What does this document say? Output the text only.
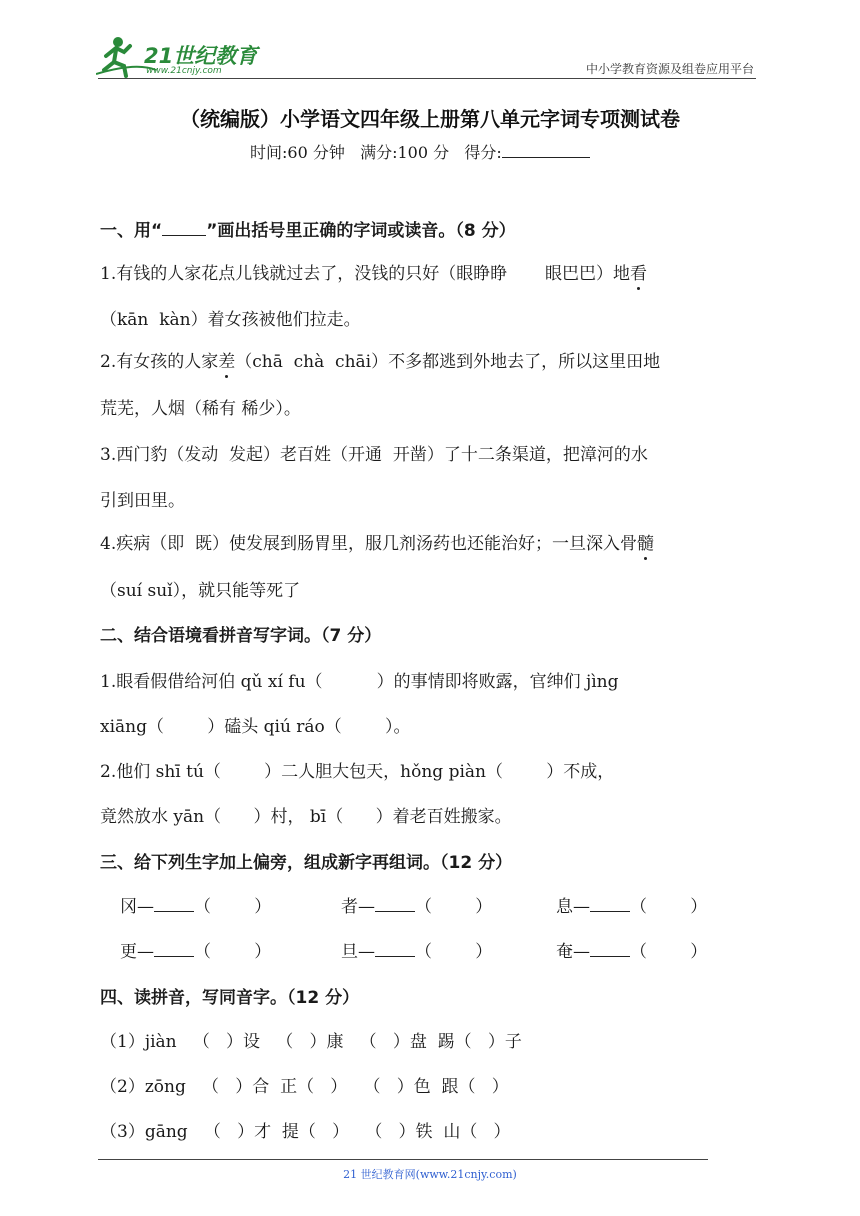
21世纪教育
www.21cnjy.com	中小学教育资源及组卷应用平台
（统编版）小学语文四年级上册第八单元字词专项测试卷
时间:60 分钟 满分:100 分 得分:
一、用“	”画出括号里正确的字词或读音。（8 分）
1.有钱的人家花点儿钱就过去了，没钱的只好（眼睁睁       眼巴巴）地看
（kān  kàn）着女孩被他们拉走。
2.有女孩的人家差（chā  chà  chāi）不多都逃到外地去了，所以这里田地
荒芜，人烟（稀有 稀少）。
3.西门豹（发动  发起）老百姓（开通  开凿）了十二条渠道，把漳河的水
引到田里。
4.疾病（即  既）使发展到肠胃里，服几剂汤药也还能治好；一旦深入骨髓
（suí suǐ），就只能等死了
二、结合语境看拼音写字词。（7 分）
1.眼看假借给河伯 qǔ xí fu（          ）的事情即将败露，官绅们 jìng
xiāng（        ）磕头 qiú ráo（        ）。
2.他们 shī tú（        ）二人胆大包天，hǒng piàn（        ）不成，
竟然放水 yān（      ）村， bī（      ）着老百姓搬家。
三、给下列生字加上偏旁，组成新字再组词。（12 分）
冈— （        ）	者— （        ）	息— （        ）
更— （        ）	旦— （        ）	奄— （        ）
四、读拼音，写同音字。（12 分）
（1）jiàn   （   ）设   （   ）康   （   ）盘  踢（   ）子
（2）zōng   （   ）合  正（   ）   （   ）色  跟（   ）
（3）gāng   （   ）才  提（   ）   （   ）铁  山（   ）
21 世纪教育网(www.21cnjy.com)
